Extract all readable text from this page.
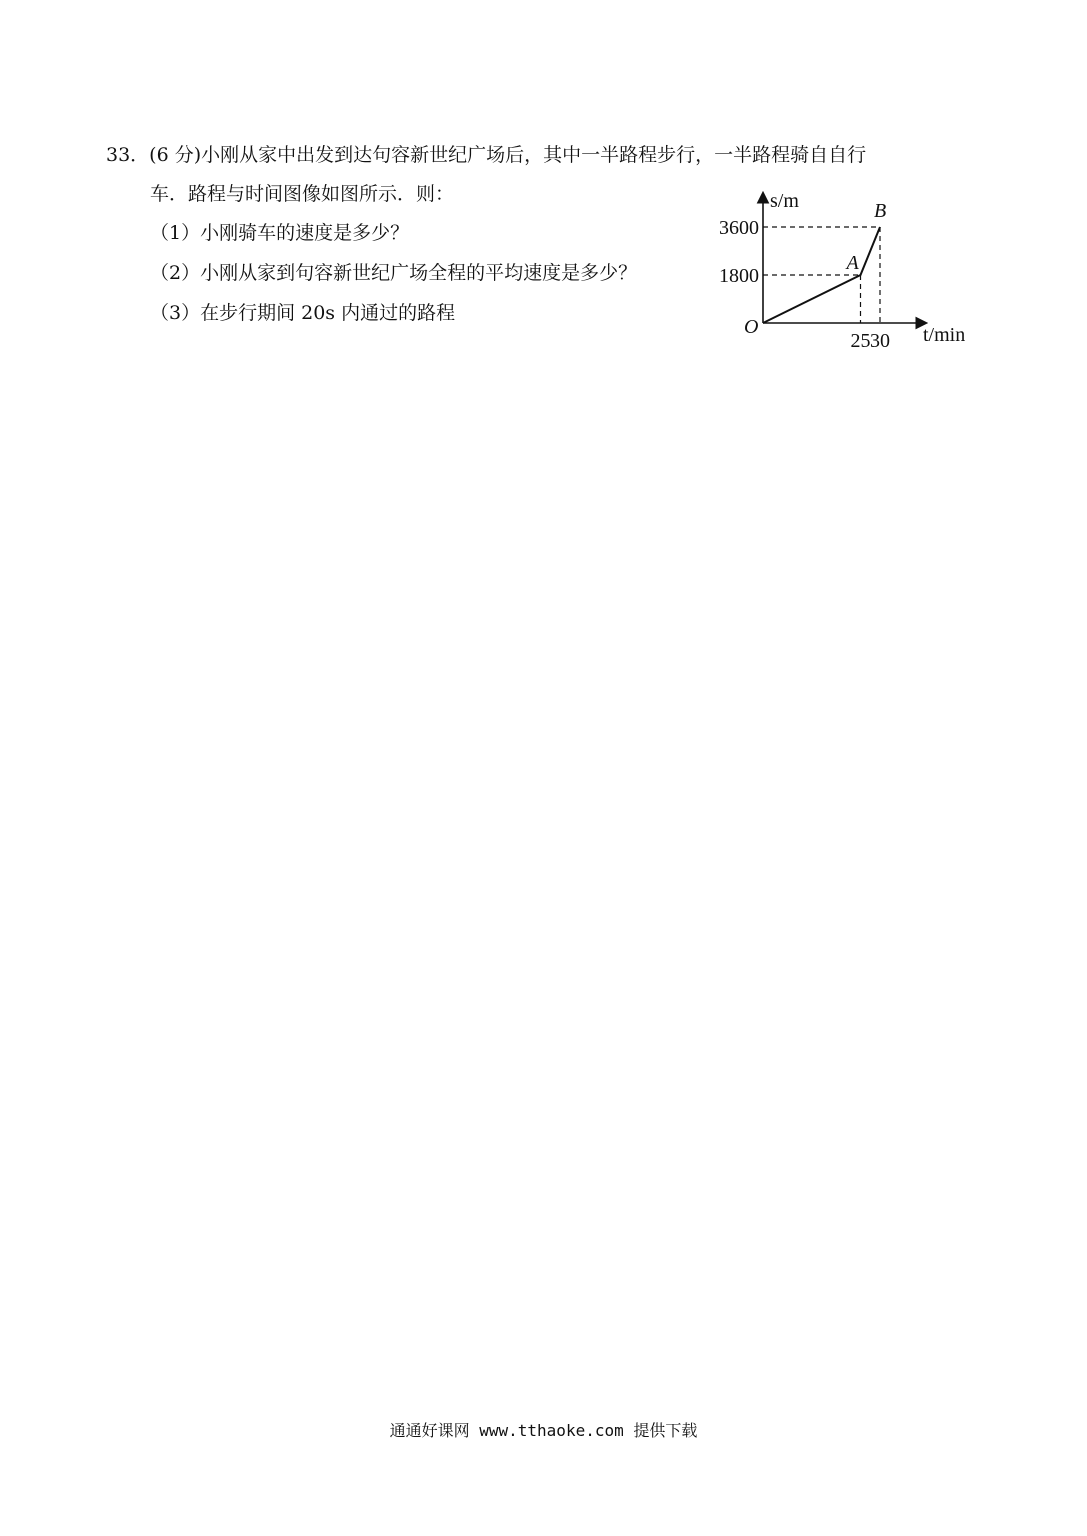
33．(6 分)小刚从家中出发到达句容新世纪广场后，其中一半路程步行，一半路程骑自自行
车．路程与时间图像如图所示．则：
（1）小刚骑车的速度是多少？
（2）小刚从家到句容新世纪广场全程的平均速度是多少？
（3）在步行期间 20s 内通过的路程
s/m
t/min
O
25
1800
A
30
3600
B
通通好课网 www.tthaoke.com 提供下载
